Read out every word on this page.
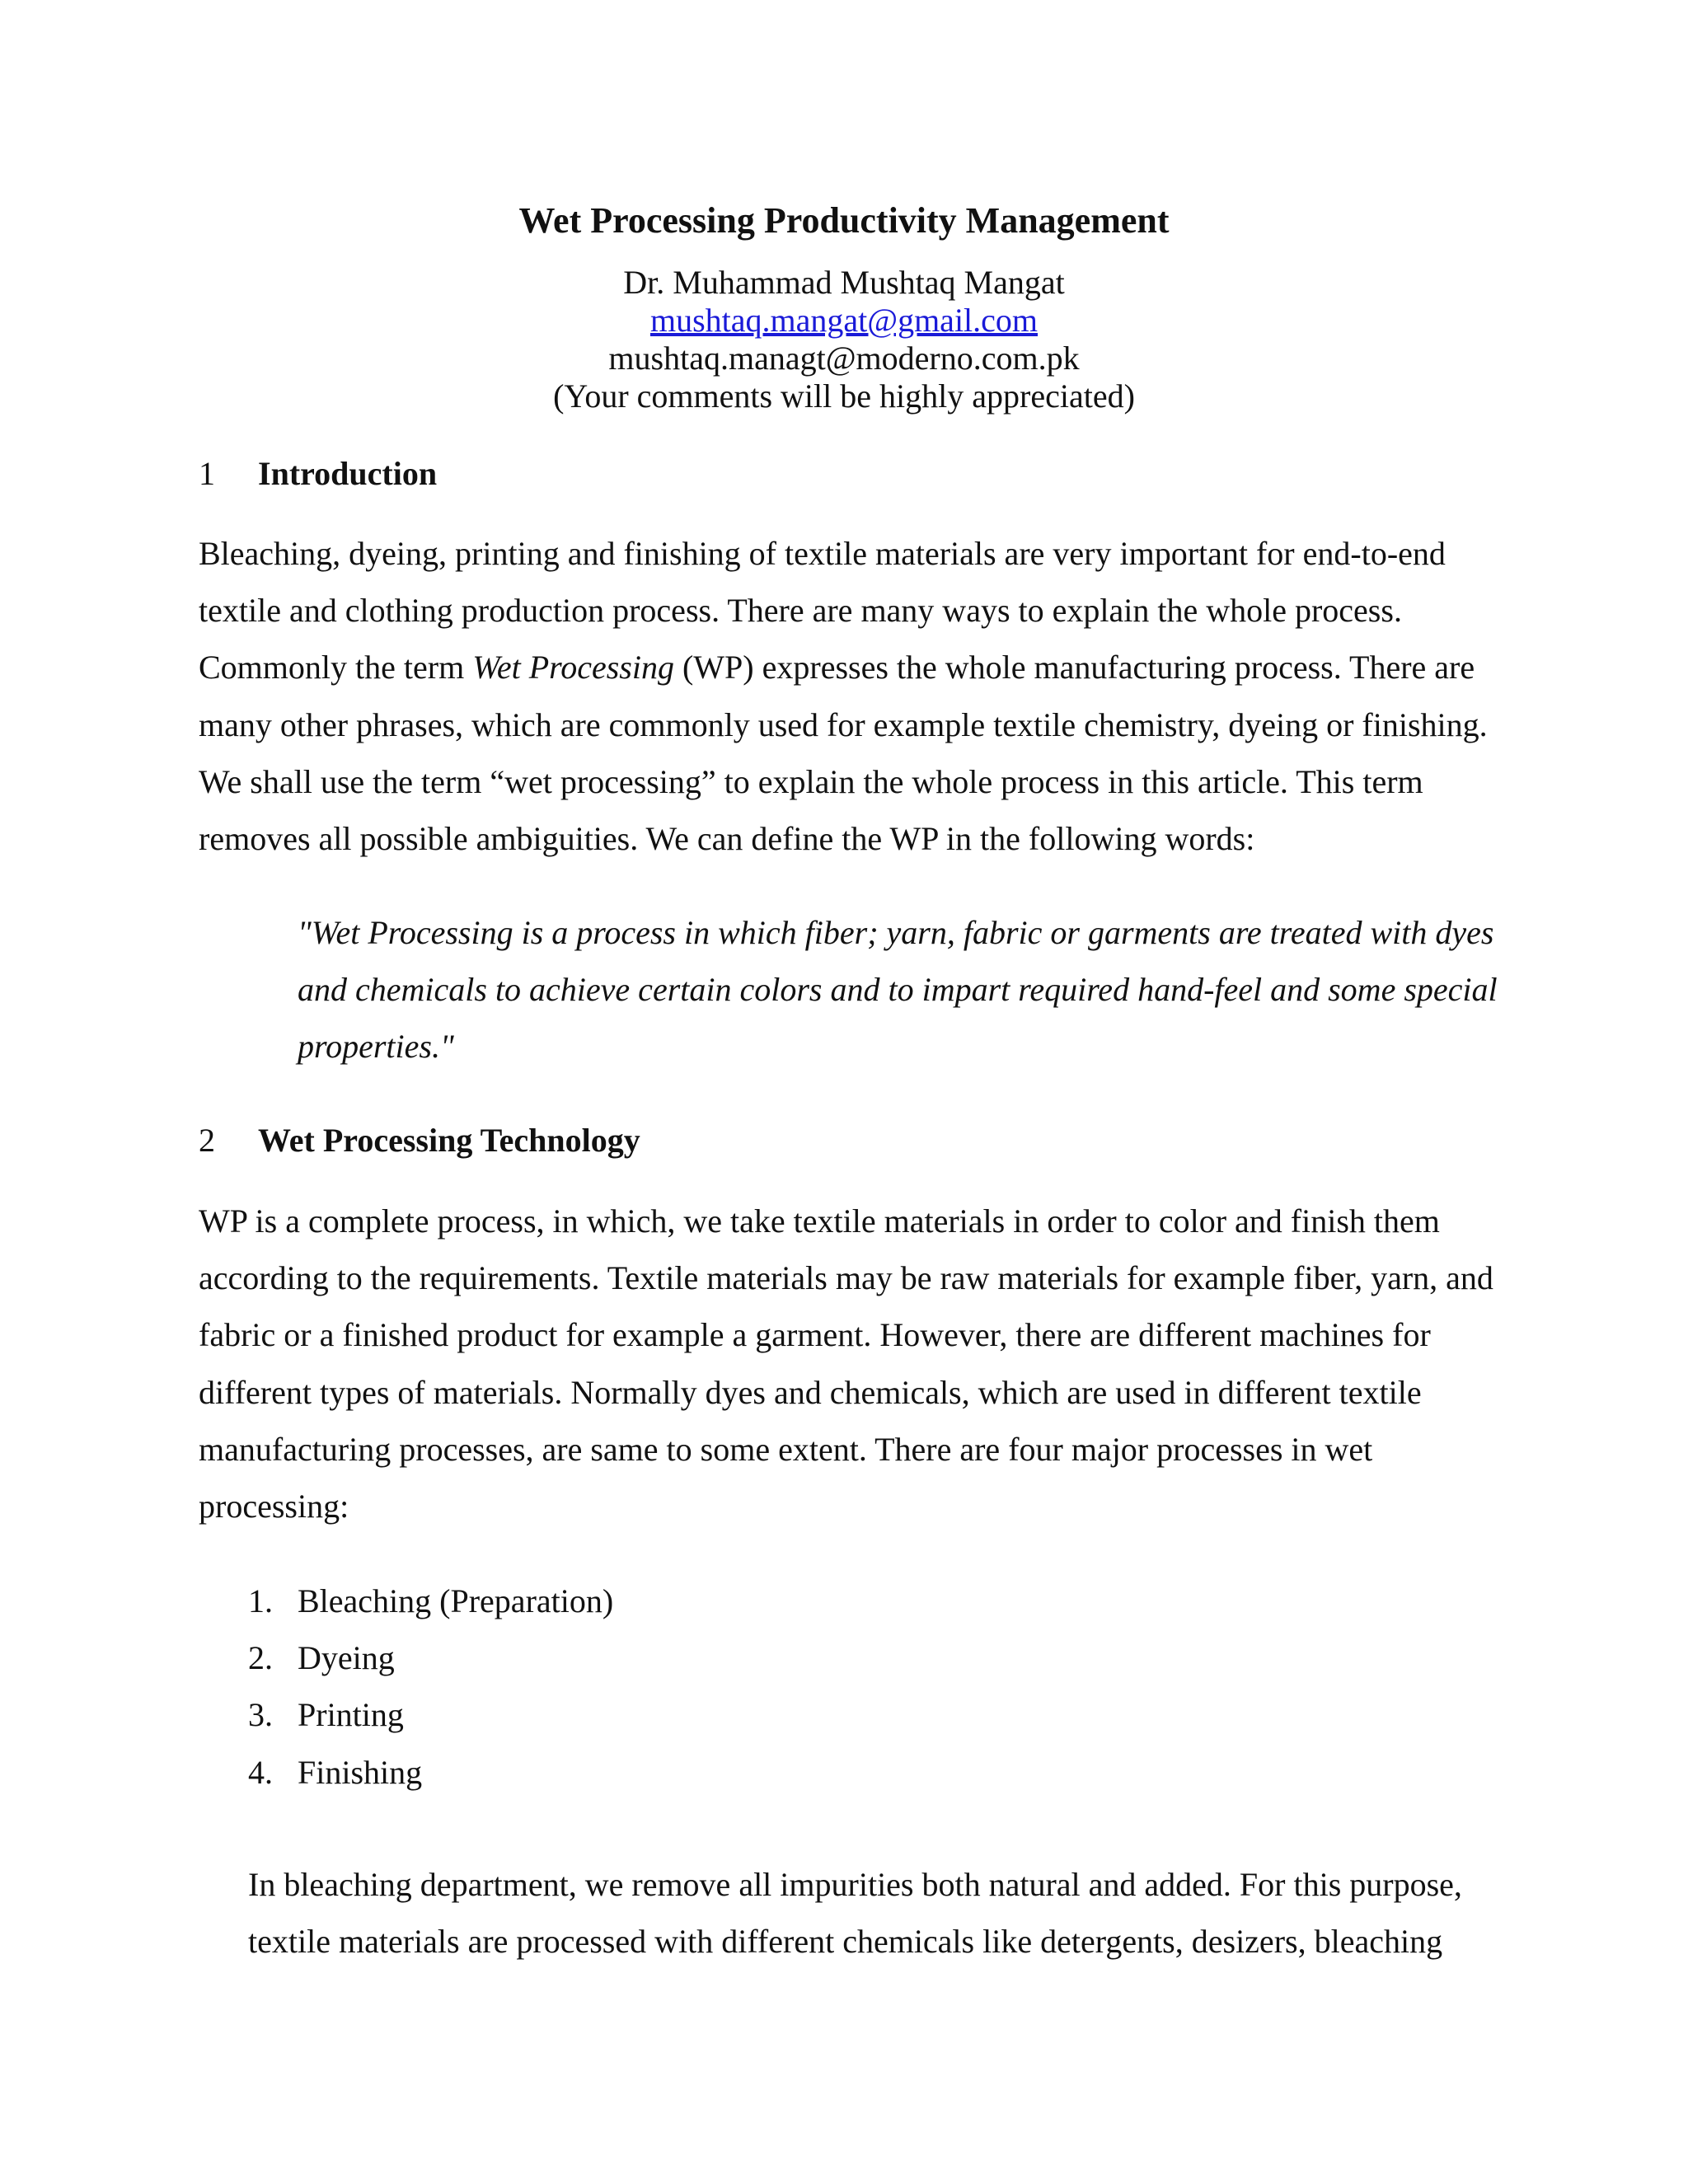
Wet Processing Productivity Management
Dr. Muhammad Mushtaq Mangat
mushtaq.mangat@gmail.com
mushtaq.managt@moderno.com.pk
(Your comments will be highly appreciated)
1 Introduction

Bleaching, dyeing, printing and finishing of textile materials are very important for end-to-end textile and clothing production process. There are many ways to explain the whole process. Commonly the term Wet Processing (WP) expresses the whole manufacturing process. There are many other phrases, which are commonly used for example textile chemistry, dyeing or finishing. We shall use the term “wet processing” to explain the whole process in this article. This term removes all possible ambiguities. We can define the WP in the following words:

"Wet Processing is a process in which fiber; yarn, fabric or garments are treated with dyes and chemicals to achieve certain colors and to impart required hand-feel and some special properties."

2 Wet Processing Technology

WP is a complete process, in which, we take textile materials in order to color and finish them according to the requirements. Textile materials may be raw materials for example fiber, yarn, and fabric or a finished product for example a garment. However, there are different machines for different types of materials. Normally dyes and chemicals, which are used in different textile manufacturing processes, are same to some extent. There are four major processes in wet processing:

1. Bleaching (Preparation)
2. Dyeing
3. Printing
4. Finishing

In bleaching department, we remove all impurities both natural and added. For this purpose, textile materials are processed with different chemicals like detergents, desizers, bleaching
